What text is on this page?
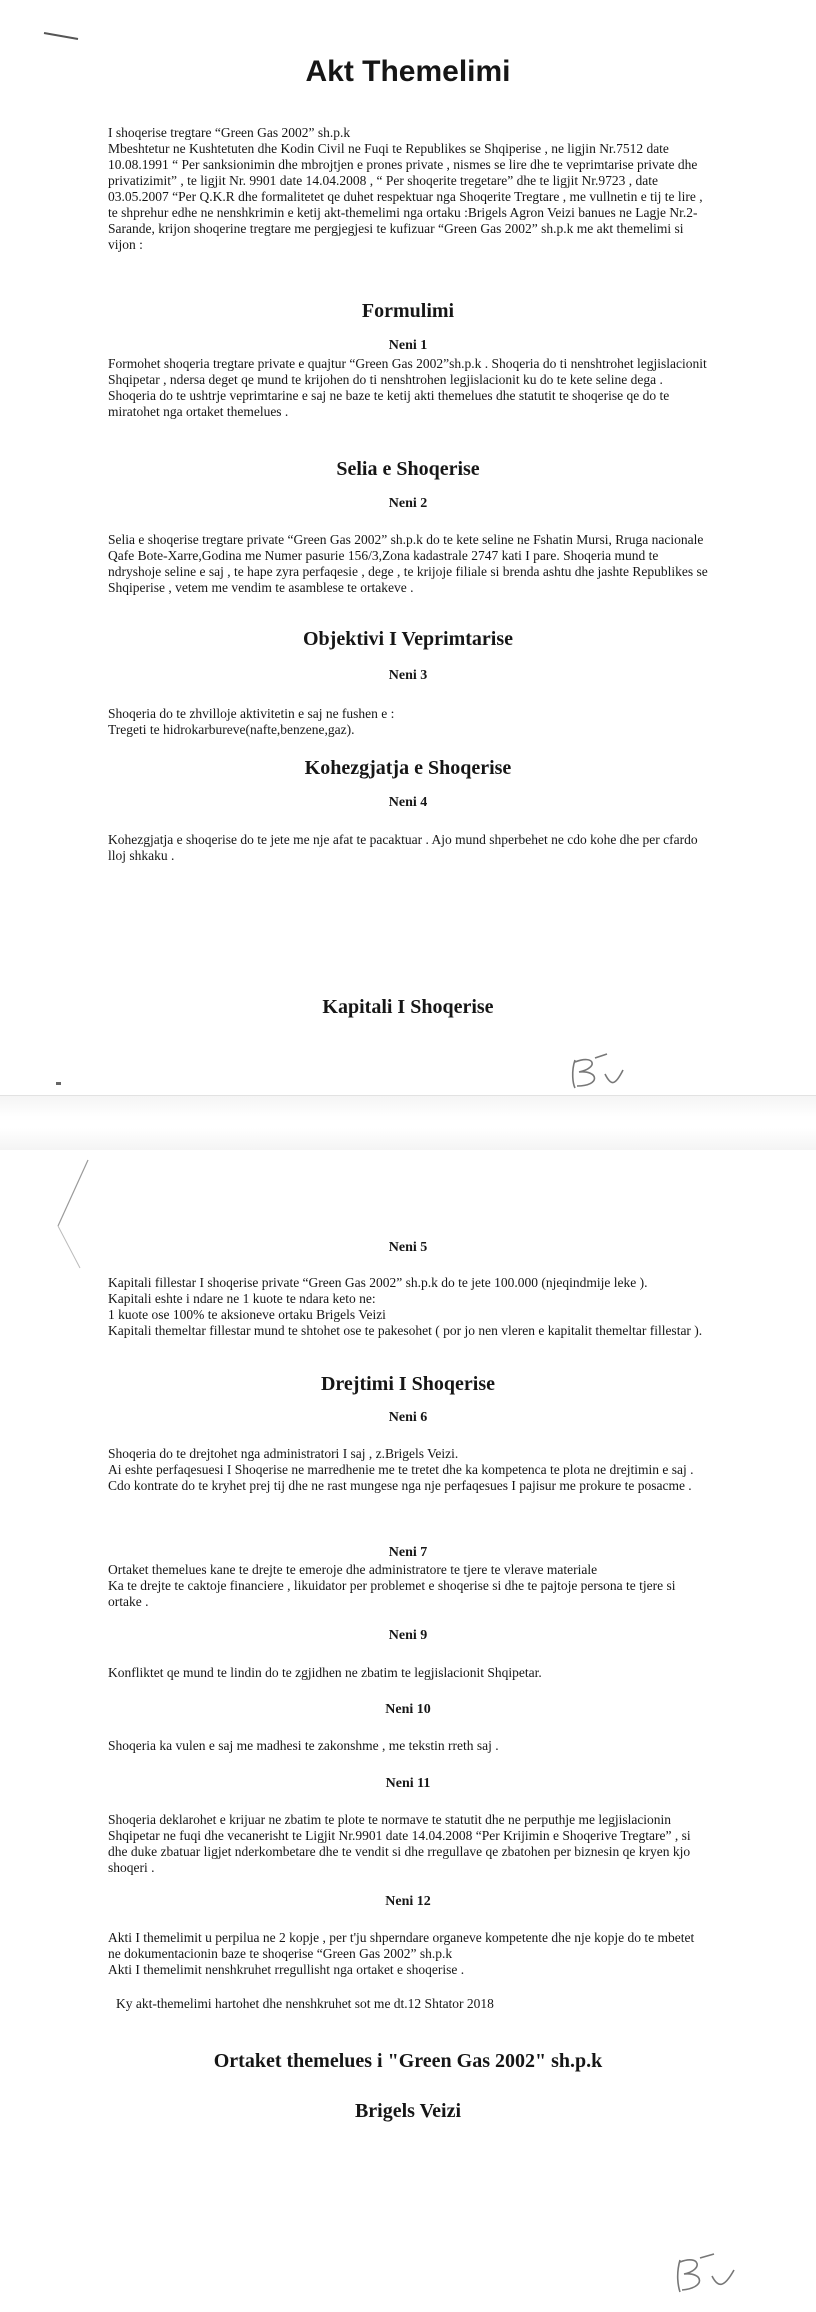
Akt Themelimi

I shoqerise tregtare “Green Gas 2002” sh.p.k

Mbeshtetur ne Kushtetuten dhe Kodin Civil ne Fuqi te Republikes se Shqiperise , ne ligjin Nr.7512 date 10.08.1991 “ Per sanksionimin dhe mbrojtjen e prones private , nismes se lire dhe te veprimtarise private dhe privatizimit” , te ligjit Nr. 9901 date 14.04.2008 , “ Per shoqerite tregetare” dhe te ligjit Nr.9723 , date 03.05.2007 “Per Q.K.R dhe formalitetet qe duhet respektuar nga Shoqerite Tregtare , me vullnetin e tij te lire , te shprehur edhe ne nenshkrimin e ketij akt-themelimi nga ortaku :Brigels Agron Veizi banues ne Lagje Nr.2- Sarande, krijon shoqerine tregtare me pergjegjesi te kufizuar “Green Gas 2002” sh.p.k me akt themelimi si vijon :

Formulimi
Neni 1

Formohet shoqeria tregtare private e quajtur “Green Gas 2002”sh.p.k . Shoqeria do ti nenshtrohet legjislacionit Shqipetar , ndersa deget qe mund te krijohen do ti nenshtrohen legjislacionit ku do te kete seline dega . Shoqeria do te ushtrje veprimtarine e saj ne baze te ketij akti themelues dhe statutit te shoqerise qe do te miratohet nga ortaket themelues .

Selia e Shoqerise
Neni 2

Selia e shoqerise tregtare private “Green Gas 2002” sh.p.k do te kete seline ne Fshatin Mursi, Rruga nacionale Qafe Bote-Xarre,Godina me Numer pasurie 156/3,Zona kadastrale 2747 kati I pare. Shoqeria mund te ndryshoje seline e saj , te hape zyra perfaqesie , dege , te krijoje filiale si brenda ashtu dhe jashte Republikes se Shqiperise , vetem me vendim te asamblese te ortakeve .

Objektivi I Veprimtarise
Neni 3

Shoqeria do te zhvilloje aktivitetin e saj ne fushen e :

Tregeti te hidrokarbureve(nafte,benzene,gaz).

Kohezgjatja e Shoqerise
Neni 4

Kohezgjatja e shoqerise do te jete me nje afat te pacaktuar . Ajo mund shperbehet ne cdo kohe dhe per cfardo lloj shkaku .

Kapitali I Shoqerise
Neni 5

Kapitali fillestar I shoqerise private “Green Gas 2002” sh.p.k do te jete 100.000 (njeqindmije leke ).

Kapitali eshte i ndare ne 1 kuote te ndara keto ne:

1 kuote ose 100% te aksioneve ortaku Brigels Veizi

Kapitali themeltar fillestar mund te shtohet ose te pakesohet ( por jo nen vleren e kapitalit themeltar fillestar ).

Drejtimi I Shoqerise
Neni 6

Shoqeria do te drejtohet nga administratori I saj , z.Brigels Veizi.

Ai eshte perfaqesuesi I Shoqerise ne marredhenie me te tretet dhe ka kompetenca te plota ne drejtimin e saj .

Cdo kontrate do te kryhet prej tij dhe ne rast mungese nga nje perfaqesues I pajisur me prokure te posacme .

Neni 7

Ortaket themelues kane te drejte te emeroje dhe administratore te tjere te vlerave materiale

Ka te drejte te caktoje financiere , likuidator per problemet e shoqerise si dhe te pajtoje persona te tjere si ortake .

Neni 9

Konfliktet qe mund te lindin do te zgjidhen ne zbatim te legjislacionit Shqipetar.

Neni 10

Shoqeria ka vulen e saj me madhesi te zakonshme , me tekstin rreth saj .

Neni 11

Shoqeria deklarohet e krijuar ne zbatim te plote te normave te statutit dhe ne perputhje me legjislacionin Shqipetar ne fuqi dhe vecanerisht te Ligjit Nr.9901 date 14.04.2008 “Per Krijimin e Shoqerive Tregtare” , si dhe duke zbatuar ligjet nderkombetare dhe te vendit si dhe rregullave qe zbatohen per biznesin qe kryen kjo shoqeri .

Neni 12

Akti I themelimit u perpilua ne 2 kopje , per t'ju shperndare organeve kompetente dhe nje kopje do te mbetet ne dokumentacionin baze te shoqerise “Green Gas 2002” sh.p.k

Akti I themelimit nenshkruhet rregullisht nga ortaket e shoqerise .

Ky akt-themelimi hartohet dhe nenshkruhet sot me dt.12 Shtator 2018
Ortaket themelues i "Green Gas 2002" sh.p.k
Brigels Veizi
